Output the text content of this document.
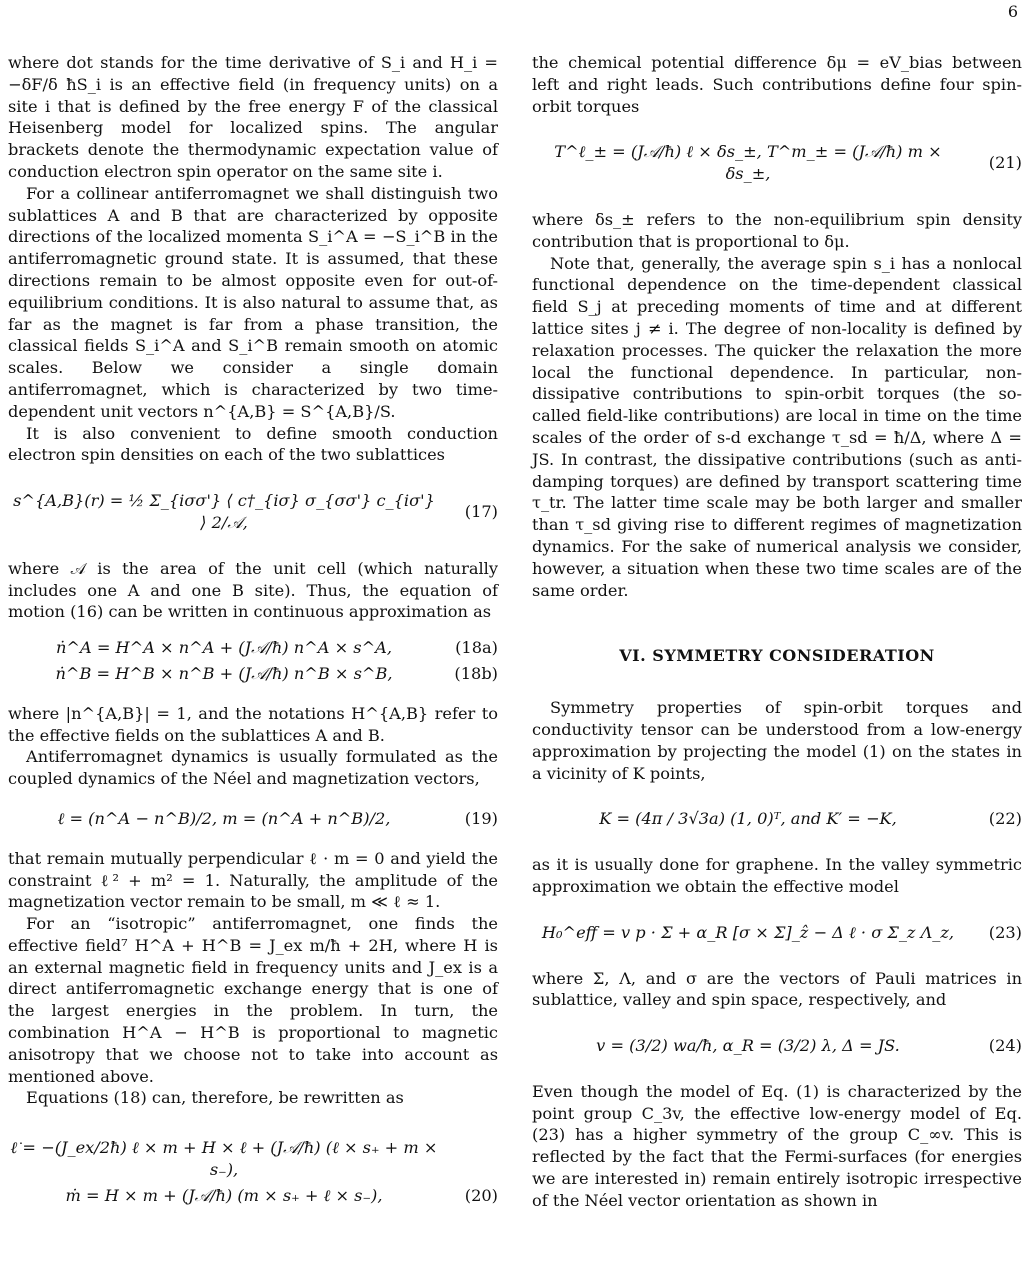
6

where dot stands for the time derivative of S_i and H_i = −δF/δ ħS_i is an effective field (in frequency units) on a site i that is defined by the free energy F of the classical Heisenberg model for localized spins. The angular brackets denote the thermodynamic expectation value of conduction electron spin operator on the same site i.

For a collinear antiferromagnet we shall distinguish two sublattices A and B that are characterized by opposite directions of the localized momenta S_i^A = −S_i^B in the antiferromagnetic ground state. It is assumed, that these directions remain to be almost opposite even for out-of-equilibrium conditions. It is also natural to assume that, as far as the magnet is far from a phase transition, the classical fields S_i^A and S_i^B remain smooth on atomic scales. Below we consider a single domain antiferromagnet, which is characterized by two time-dependent unit vectors n^{A,B} = S^{A,B}/S.

It is also convenient to define smooth conduction electron spin densities on each of the two sublattices

s^{A,B}(r) = ½ Σ_{iσσ'} ⟨ c†_{iσ} σ_{σσ'} c_{iσ'} ⟩ 2/𝒜,
(17)

where 𝒜 is the area of the unit cell (which naturally includes one A and one B site). Thus, the equation of motion (16) can be written in continuous approximation as

ṅ^A = H^A × n^A + (J𝒜/ħ) n^A × s^A,	(18a)
ṅ^B = H^B × n^B + (J𝒜/ħ) n^B × s^B,	(18b)

where |n^{A,B}| = 1, and the notations H^{A,B} refer to the effective fields on the sublattices A and B.

Antiferromagnet dynamics is usually formulated as the coupled dynamics of the Néel and magnetization vectors,

ℓ = (n^A − n^B)/2, m = (n^A + n^B)/2,	(19)

that remain mutually perpendicular ℓ · m = 0 and yield the constraint ℓ² + m² = 1. Naturally, the amplitude of the magnetization vector remain to be small, m ≪ ℓ ≈ 1.

For an “isotropic” antiferromagnet, one finds the effective field⁷ H^A + H^B = J_ex m/ħ + 2H, where H is an external magnetic field in frequency units and J_ex is a direct antiferromagnetic exchange energy that is one of the largest energies in the problem. In turn, the combination H^A − H^B is proportional to magnetic anisotropy that we choose not to take into account as mentioned above.

Equations (18) can, therefore, be rewritten as

ℓ̇ = −(J_ex/2ħ) ℓ × m + H × ℓ + (J𝒜/ħ) (ℓ × s₊ + m × s₋),
ṁ = H × m + (J𝒜/ħ) (m × s₊ + ℓ × s₋),	(20)

the chemical potential difference δμ = eV_bias between left and right leads. Such contributions define four spin-orbit torques

T^ℓ_± = (J𝒜/ħ) ℓ × δs_±, T^m_± = (J𝒜/ħ) m × δs_±,
(21)

where δs_± refers to the non-equilibrium spin density contribution that is proportional to δμ.

Note that, generally, the average spin s_i has a nonlocal functional dependence on the time-dependent classical field S_j at preceding moments of time and at different lattice sites j ≠ i. The degree of non-locality is defined by relaxation processes. The quicker the relaxation the more local the functional dependence. In particular, non-dissipative contributions to spin-orbit torques (the so-called field-like contributions) are local in time on the time scales of the order of s-d exchange τ_sd = ħ/Δ, where Δ = JS. In contrast, the dissipative contributions (such as anti-damping torques) are defined by transport scattering time τ_tr. The latter time scale may be both larger and smaller than τ_sd giving rise to different regimes of magnetization dynamics. For the sake of numerical analysis we consider, however, a situation when these two time scales are of the same order.

VI. SYMMETRY CONSIDERATION

Symmetry properties of spin-orbit torques and conductivity tensor can be understood from a low-energy approximation by projecting the model (1) on the states in a vicinity of K points,

K = (4π / 3√3a) (1, 0)ᵀ, and K′ = −K,	(22)

as it is usually done for graphene. In the valley symmetric approximation we obtain the effective model

H₀^eff = v p · Σ + α_R [σ × Σ]_ẑ − Δ ℓ · σ Σ_z Λ_z,	(23)

where Σ, Λ, and σ are the vectors of Pauli matrices in sublattice, valley and spin space, respectively, and

v = (3/2) wa/ħ, α_R = (3/2) λ, Δ = JS.	(24)

Even though the model of Eq. (1) is characterized by the point group C_3v, the effective low-energy model of Eq. (23) has a higher symmetry of the group C_∞v. This is reflected by the fact that the Fermi-surfaces (for energies we are interested in) remain entirely isotropic irrespective of the Néel vector orientation as shown in
